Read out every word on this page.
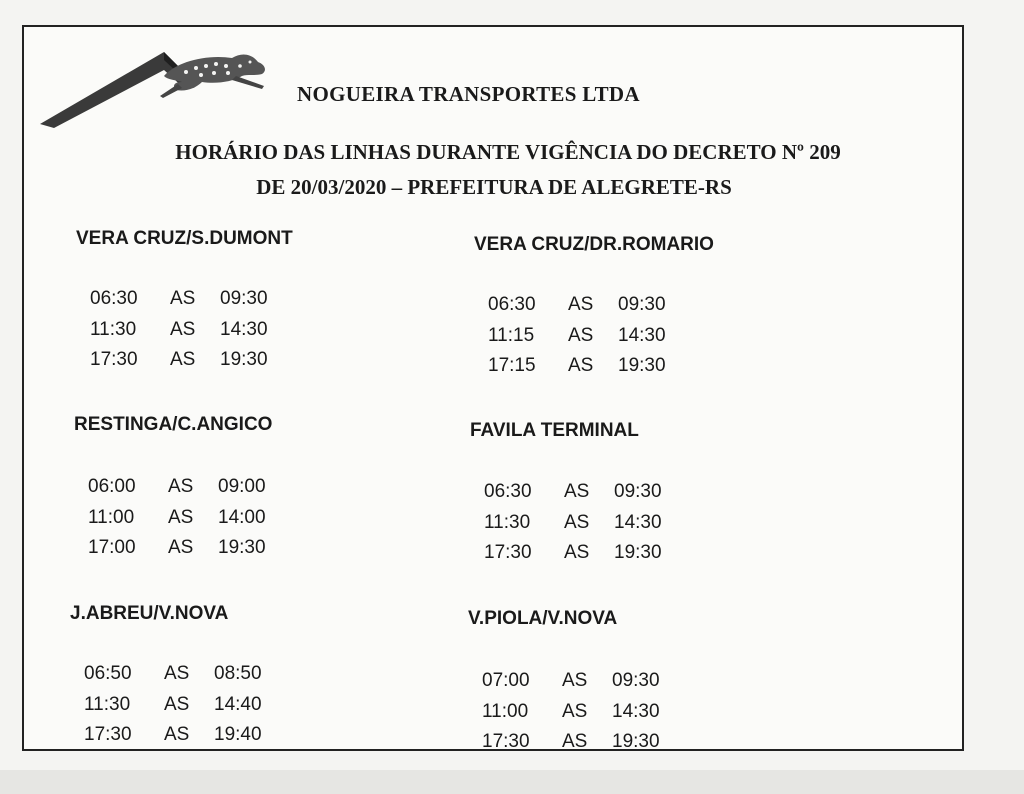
NOGUEIRA TRANSPORTES LTDA
HORÁRIO DAS LINHAS DURANTE VIGÊNCIA DO DECRETO Nº 209
DE 20/03/2020 – PREFEITURA DE ALEGRETE-RS
VERA CRUZ/S.DUMONT
06:30 AS 09:30
11:30 AS 14:30
17:30 AS 19:30
VERA CRUZ/DR.ROMARIO
06:30 AS 09:30
11:15 AS 14:30
17:15 AS 19:30
RESTINGA/C.ANGICO
06:00 AS 09:00
11:00 AS 14:00
17:00 AS 19:30
FAVILA TERMINAL
06:30 AS 09:30
11:30 AS 14:30
17:30 AS 19:30
J.ABREU/V.NOVA
06:50 AS 08:50
11:30 AS 14:40
17:30 AS 19:40
V.PIOLA/V.NOVA
07:00 AS 09:30
11:00 AS 14:30
17:30 AS 19:30
